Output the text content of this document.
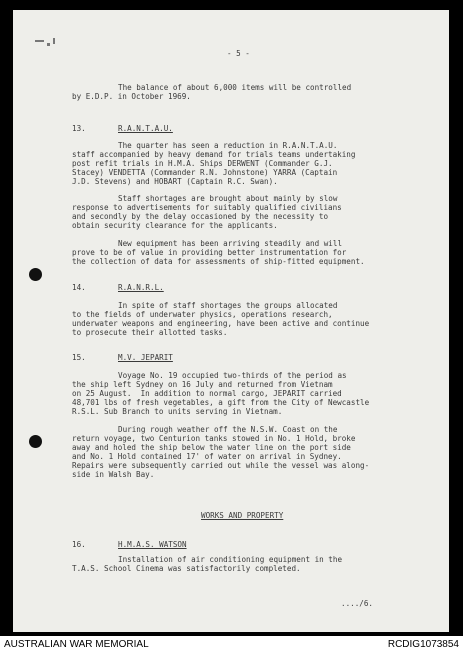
- 5 -
The balance of about 6,000 items will be controlled
by E.D.P. in October 1969.
13.	R.A.N.T.A.U.
The quarter has seen a reduction in R.A.N.T.A.U.
staff accompanied by heavy demand for trials teams undertaking
post refit trials in H.M.A. Ships DERWENT (Commander G.J.
Stacey) VENDETTA (Commander R.N. Johnstone) YARRA (Captain
J.D. Stevens) and HOBART (Captain R.C. Swan).
Staff shortages are brought about mainly by slow
response to advertisements for suitably qualified civilians
and secondly by the delay occasioned by the necessity to
obtain security clearance for the applicants.
New equipment has been arriving steadily and will
prove to be of value in providing better instrumentation for
the collection of data for assessments of ship-fitted equipment.
14.	R.A.N.R.L.
In spite of staff shortages the groups allocated
to the fields of underwater physics, operations research,
underwater weapons and engineering, have been active and continue
to prosecute their allotted tasks.
15.	M.V. JEPARIT
Voyage No. 19 occupied two-thirds of the period as
the ship left Sydney on 16 July and returned from Vietnam
on 25 August.  In addition to normal cargo, JEPARIT carried
48,701 lbs of fresh vegetables, a gift from the City of Newcastle
R.S.L. Sub Branch to units serving in Vietnam.
During rough weather off the N.S.W. Coast on the
return voyage, two Centurion tanks stowed in No. 1 Hold, broke
away and holed the ship below the water line on the port side
and No. 1 Hold contained 17' of water on arrival in Sydney.
Repairs were subsequently carried out while the vessel was along-
side in Walsh Bay.
WORKS AND PROPERTY
16.	H.M.A.S. WATSON
Installation of air conditioning equipment in the
T.A.S. School Cinema was satisfactorily completed.
..../6.
AUSTRALIAN WAR MEMORIAL	RCDIG1073854
